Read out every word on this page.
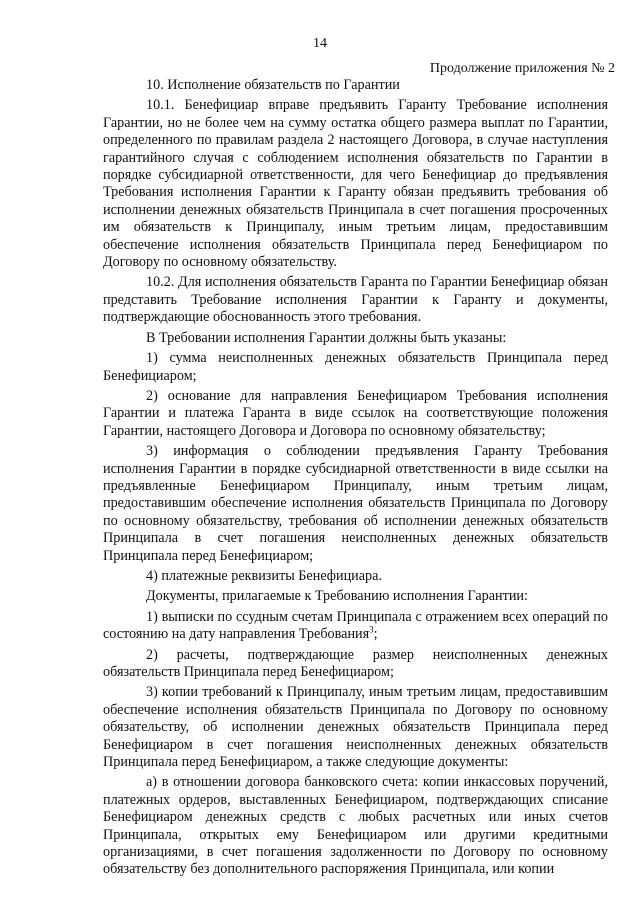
14
Продолжение приложения № 2

10. Исполнение обязательств по Гарантии

10.1. Бенефициар вправе предъявить Гаранту Требование исполнения Гарантии, но не более чем на сумму остатка общего размера выплат по Гарантии, определенного по правилам раздела 2 настоящего Договора, в случае наступления гарантийного случая с соблюдением исполнения обязательств по Гарантии в порядке субсидиарной ответственности, для чего Бенефициар до предъявления Требования исполнения Гарантии к Гаранту обязан предъявить требования об исполнении денежных обязательств Принципала в счет погашения просроченных им обязательств к Принципалу, иным третьим лицам, предоставившим обеспечение исполнения обязательств Принципала перед Бенефициаром по Договору по основному обязательству.

10.2. Для исполнения обязательств Гаранта по Гарантии Бенефициар обязан представить Требование исполнения Гарантии к Гаранту и документы, подтверждающие обоснованность этого требования.

В Требовании исполнения Гарантии должны быть указаны:

1) сумма неисполненных денежных обязательств Принципала перед Бенефициаром;

2) основание для направления Бенефициаром Требования исполнения Гарантии и платежа Гаранта в виде ссылок на соответствующие положения Гарантии, настоящего Договора и Договора по основному обязательству;

3) информация о соблюдении предъявления Гаранту Требования исполнения Гарантии в порядке субсидиарной ответственности в виде ссылки на предъявленные Бенефициаром Принципалу, иным третьим лицам, предоставившим обеспечение исполнения обязательств Принципала по Договору по основному обязательству, требования об исполнении денежных обязательств Принципала в счет погашения неисполненных денежных обязательств Принципала перед Бенефициаром;

4) платежные реквизиты Бенефициара.

Документы, прилагаемые к Требованию исполнения Гарантии:

1) выписки по ссудным счетам Принципала с отражением всех операций по состоянию на дату направления Требования$^3$;

2) расчеты, подтверждающие размер неисполненных денежных обязательств Принципала перед Бенефициаром;

3) копии требований к Принципалу, иным третьим лицам, предоставившим обеспечение исполнения обязательств Принципала по Договору по основному обязательству, об исполнении денежных обязательств Принципала перед Бенефициаром в счет погашения неисполненных денежных обязательств Принципала перед Бенефициаром, а также следующие документы:

а) в отношении договора банковского счета: копии инкассовых поручений, платежных ордеров, выставленных Бенефициаром, подтверждающих списание Бенефициаром денежных средств с любых расчетных или иных счетов Принципала, открытых ему Бенефициаром или другими кредитными организациями, в счет погашения задолженности по Договору по основному обязательству без дополнительного распоряжения Принципала, или копии
